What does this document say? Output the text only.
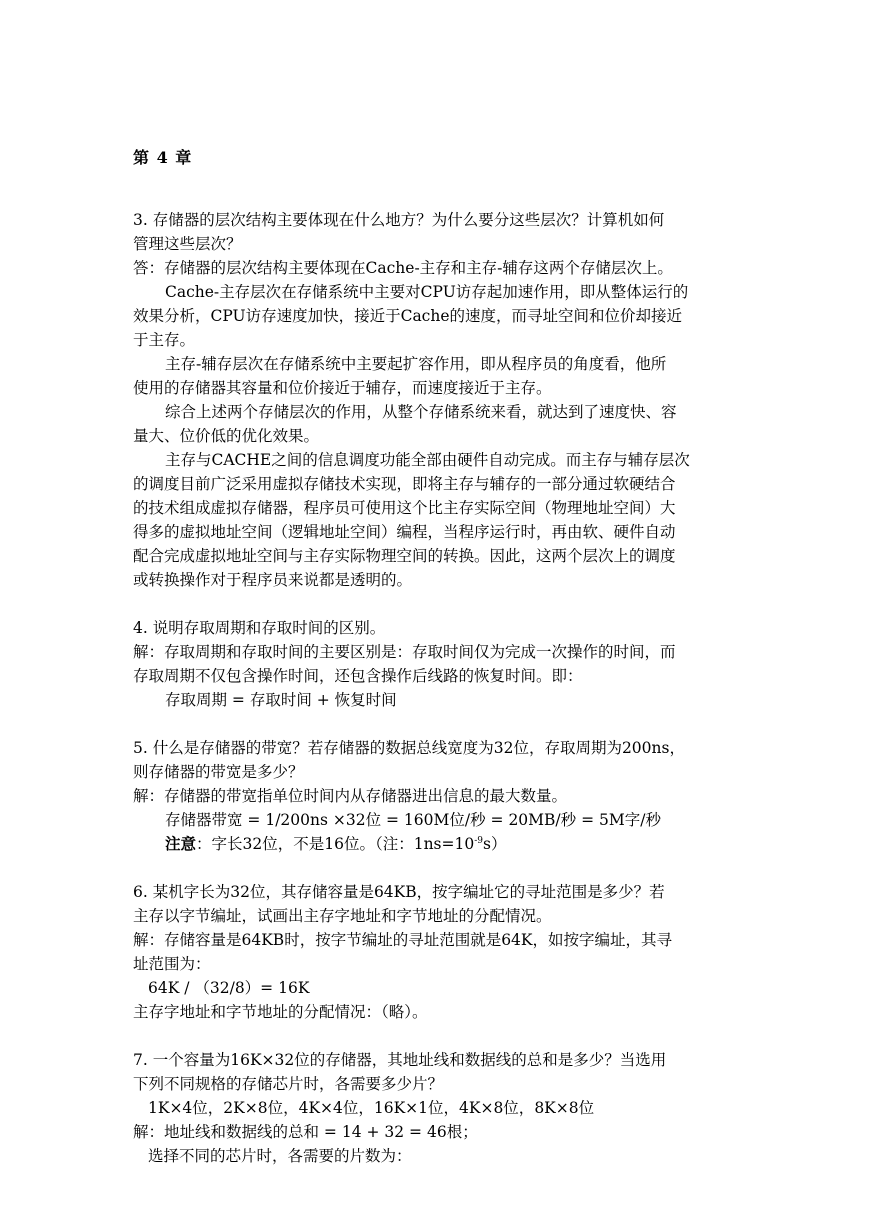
第 4 章
3. 存储器的层次结构主要体现在什么地方？为什么要分这些层次？计算机如何
管理这些层次？
答：存储器的层次结构主要体现在Cache-主存和主存-辅存这两个存储层次上。
Cache-主存层次在存储系统中主要对CPU访存起加速作用，即从整体运行的
效果分析，CPU访存速度加快，接近于Cache的速度，而寻址空间和位价却接近
于主存。
主存-辅存层次在存储系统中主要起扩容作用，即从程序员的角度看，他所
使用的存储器其容量和位价接近于辅存，而速度接近于主存。
综合上述两个存储层次的作用，从整个存储系统来看，就达到了速度快、容
量大、位价低的优化效果。
主存与CACHE之间的信息调度功能全部由硬件自动完成。而主存与辅存层次
的调度目前广泛采用虚拟存储技术实现，即将主存与辅存的一部分通过软硬结合
的技术组成虚拟存储器，程序员可使用这个比主存实际空间（物理地址空间）大
得多的虚拟地址空间（逻辑地址空间）编程，当程序运行时，再由软、硬件自动
配合完成虚拟地址空间与主存实际物理空间的转换。因此，这两个层次上的调度
或转换操作对于程序员来说都是透明的。
4. 说明存取周期和存取时间的区别。
解：存取周期和存取时间的主要区别是：存取时间仅为完成一次操作的时间，而
存取周期不仅包含操作时间，还包含操作后线路的恢复时间。即：
存取周期 = 存取时间 + 恢复时间
5. 什么是存储器的带宽？若存储器的数据总线宽度为32位，存取周期为200ns，
则存储器的带宽是多少？
解：存储器的带宽指单位时间内从存储器进出信息的最大数量。
存储器带宽 = 1/200ns ×32位 = 160M位/秒 = 20MB/秒 = 5M字/秒
注意：字长32位，不是16位。（注：$1ns=10^{-9}s$）
6. 某机字长为32位，其存储容量是64KB，按字编址它的寻址范围是多少？若
主存以字节编址，试画出主存字地址和字节地址的分配情况。
解：存储容量是64KB时，按字节编址的寻址范围就是64K，如按字编址，其寻
址范围为：
64K / （32/8）= 16K
主存字地址和字节地址的分配情况：（略）。
7. 一个容量为16K×32位的存储器，其地址线和数据线的总和是多少？当选用
下列不同规格的存储芯片时，各需要多少片？
1K×4位，2K×8位，4K×4位，16K×1位，4K×8位，8K×8位
解：地址线和数据线的总和 = 14 + 32 = 46根；
选择不同的芯片时，各需要的片数为：
